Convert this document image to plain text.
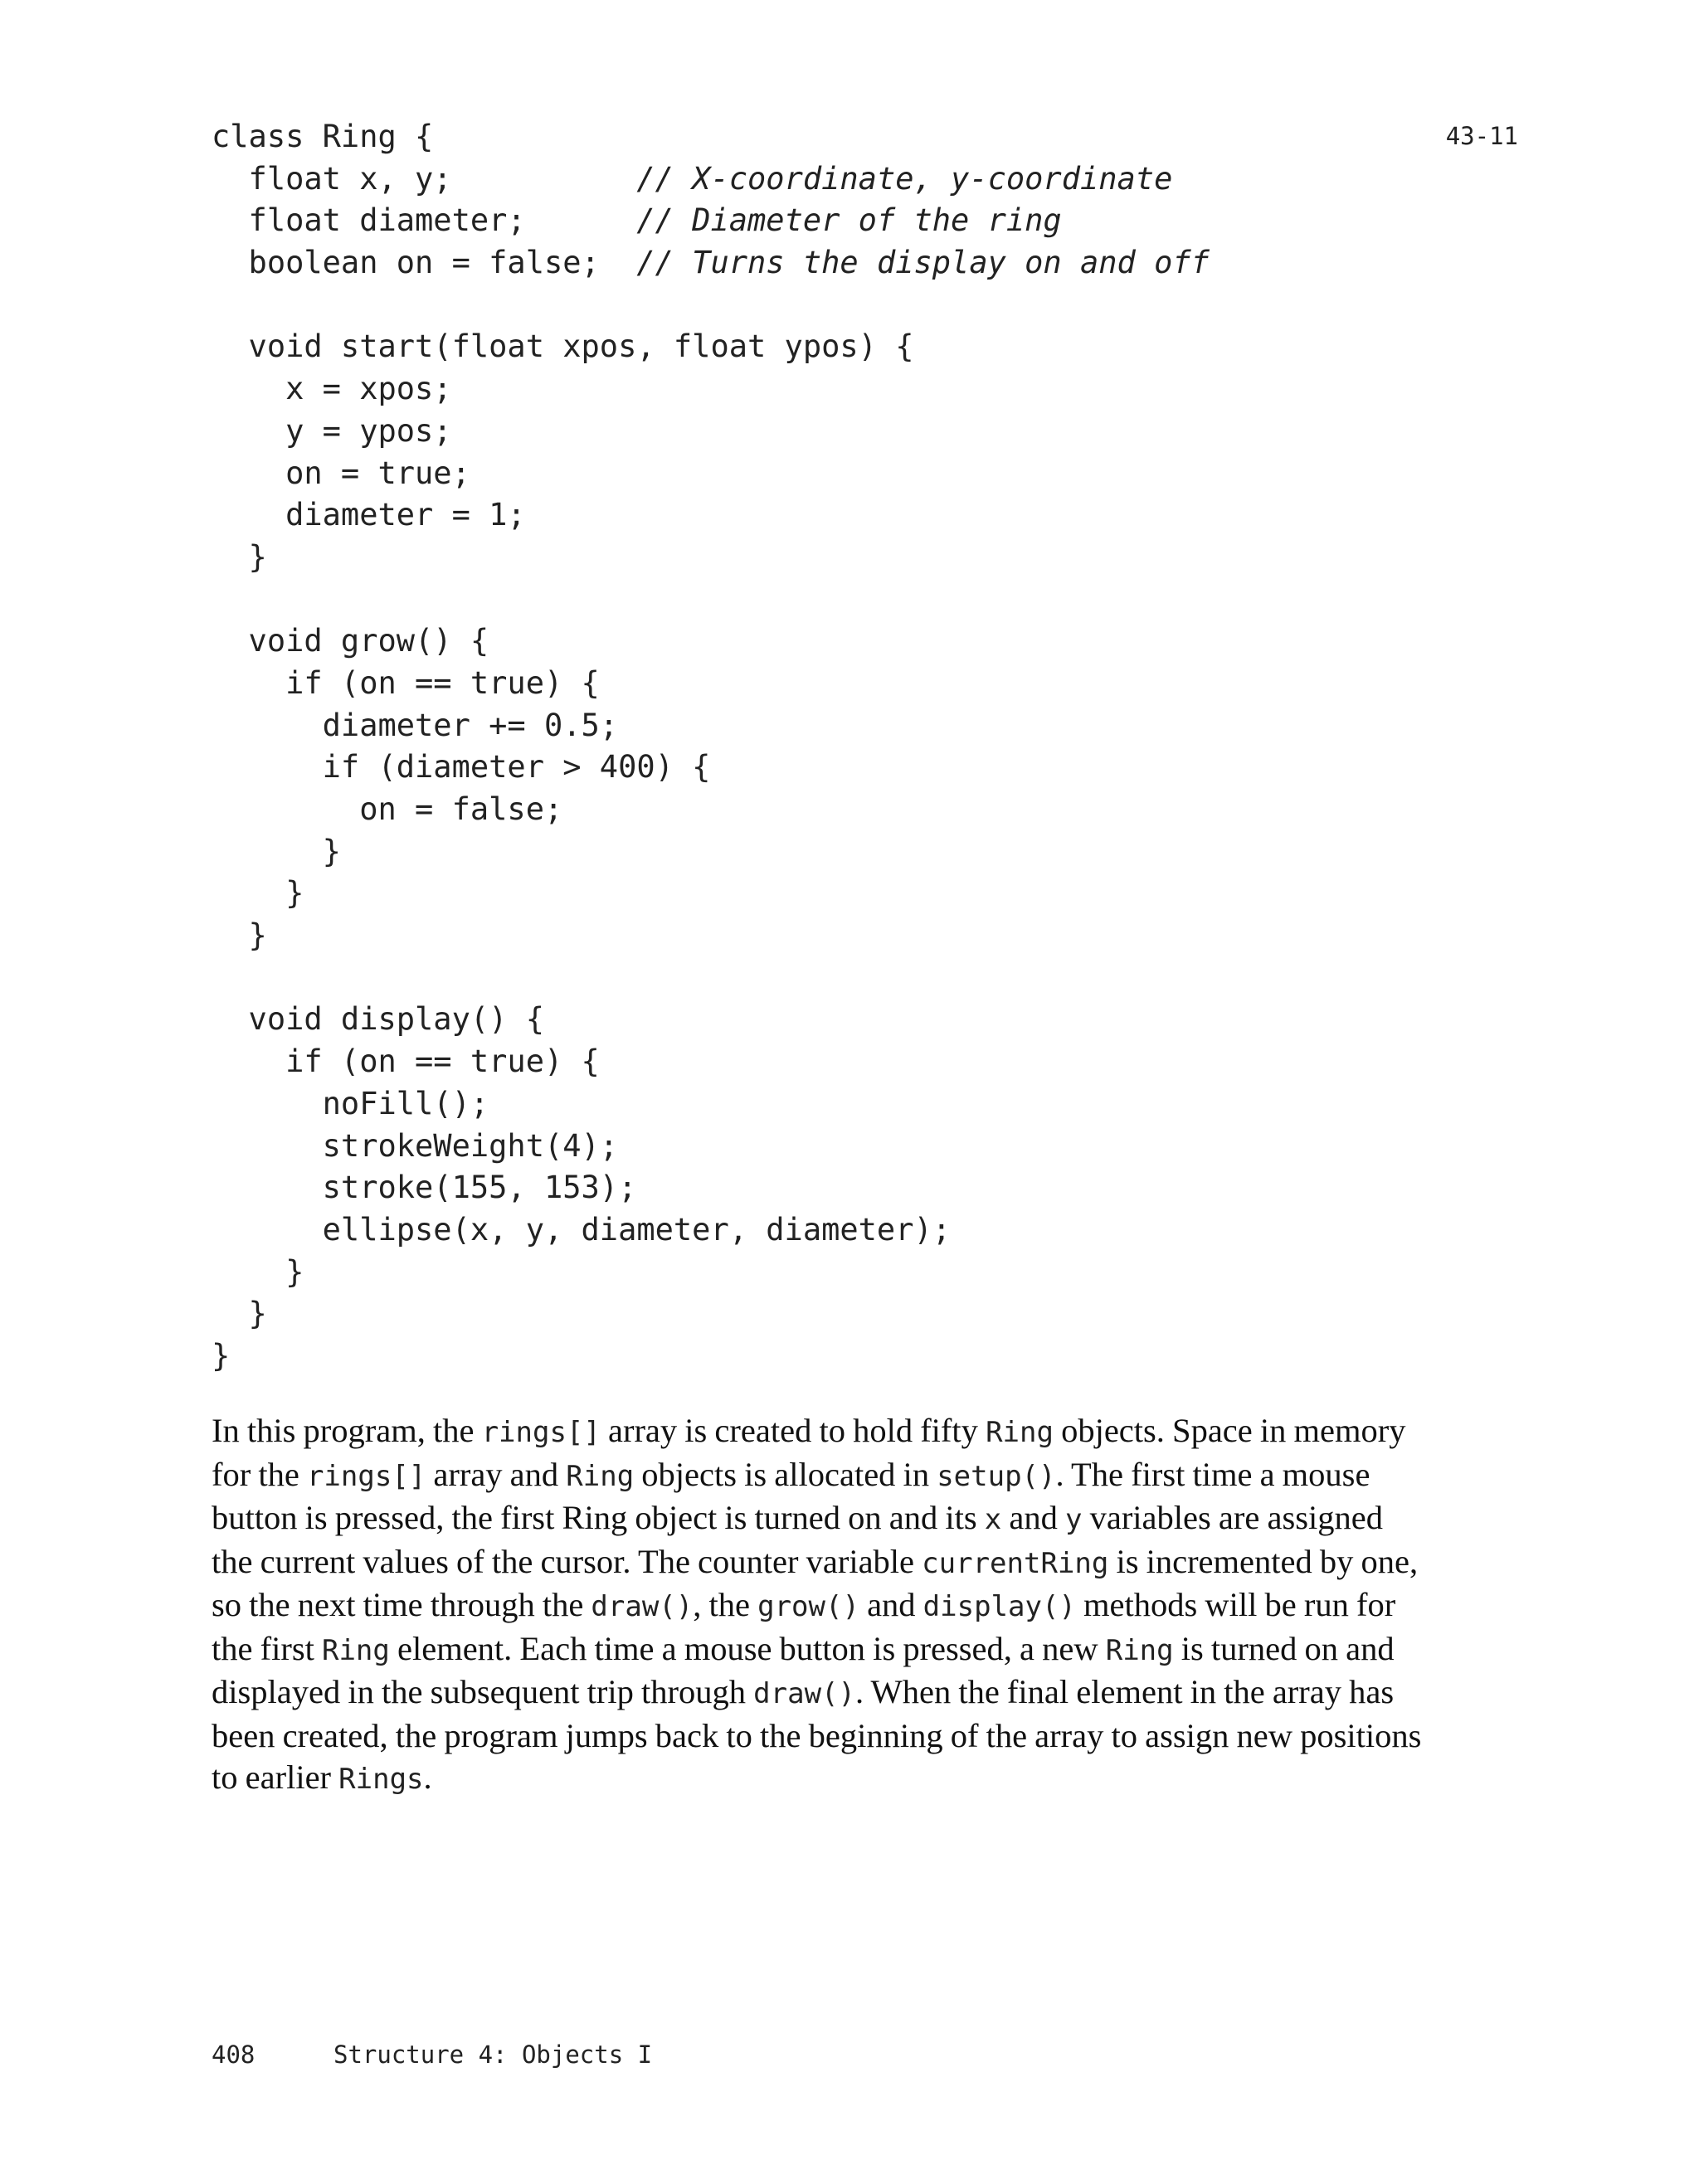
43-11
class Ring {
float x, y;          // X-coordinate, y-coordinate
float diameter;      // Diameter of the ring
boolean on = false;  // Turns the display on and off
void start(float xpos, float ypos) {
x = xpos;
y = ypos;
on = true;
diameter = 1;
}
void grow() {
if (on == true) {
diameter += 0.5;
if (diameter > 400) {
on = false;
}
}
}
void display() {
if (on == true) {
noFill();
strokeWeight(4);
stroke(155, 153);
ellipse(x, y, diameter, diameter);
}
}
}

In this program, the rings[] array is created to hold fifty Ring objects. Space in memory for the rings[] array and Ring objects is allocated in setup(). The first time a mouse button is pressed, the first Ring object is turned on and its x and y variables are assigned the current values of the cursor. The counter variable currentRing is incremented by one, so the next time through the draw(), the grow() and display() methods will be run for the first Ring element. Each time a mouse button is pressed, a new Ring is turned on and displayed in the subsequent trip through draw(). When the final element in the array has been created, the program jumps back to the beginning of the array to assign new positions to earlier Rings.

408	Structure 4: Objects I
